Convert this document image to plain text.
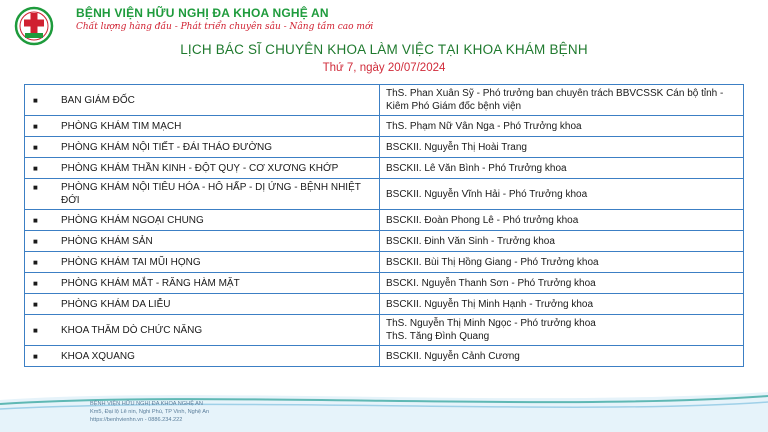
BỆNH VIỆN HỮU NGHỊ ĐA KHOA NGHỆ AN
Chất lượng hàng đầu - Phát triển chuyên sâu - Nâng tầm cao mới
LỊCH BÁC SĨ CHUYÊN KHOA LÀM VIỆC TẠI KHOA KHÁM BỆNH
Thứ 7, ngày 20/07/2024
■ BAN GIÁM ĐỐC	ThS. Phan Xuân Sỹ - Phó trưởng ban chuyên trách BBVCSSK Cán bộ tỉnh - Kiêm Phó Giám đốc bệnh viện
■ PHÒNG KHÁM TIM MẠCH	ThS. Phạm Nữ Vân Nga - Phó Trưởng khoa
■ PHÒNG KHÁM NỘI TIẾT - ĐÁI THÁO ĐƯỜNG	BSCKII. Nguyễn Thị Hoài Trang
■ PHÒNG KHÁM THẦN KINH - ĐỘT QUỴ - CƠ XƯƠNG KHỚP	BSCKII. Lê Văn Bình - Phó Trưởng khoa
■ PHÒNG KHÁM NỘI TIÊU HÓA - HÔ HẤP - DỊ ỨNG - BỆNH NHIỆT ĐỚI	BSCKII. Nguyễn Vĩnh Hải - Phó Trưởng khoa
■ PHÒNG KHÁM NGOẠI CHUNG	BSCKII. Đoàn Phong Lê - Phó trưởng khoa
■ PHÒNG KHÁM SẢN	BSCKII. Đinh Văn Sinh - Trưởng khoa
■ PHÒNG KHÁM TAI MŨI HỌNG	BSCKII. Bùi Thị Hồng Giang - Phó Trưởng khoa
■ PHÒNG KHÁM MẮT - RĂNG HÀM MẶT	BSCKI. Nguyễn Thanh Sơn - Phó Trưởng khoa
■ PHÒNG KHÁM DA LIỄU	BSCKII. Nguyễn Thị Minh Hạnh - Trưởng khoa
■ KHOA THĂM DÒ CHỨC NĂNG	ThS. Nguyễn Thị Minh Ngọc - Phó trưởng khoa
ThS. Tăng Đình Quang
■ KHOA XQUANG	BSCKII. Nguyễn Cảnh Cương
BỆNH VIỆN HỮU NGHỊ ĐA KHOA NGHỆ AN
Km5, Đại lộ Lê nin, Nghi Phú, TP Vinh, Nghệ An
https://benhvienhn.vn - 0886.234.222
